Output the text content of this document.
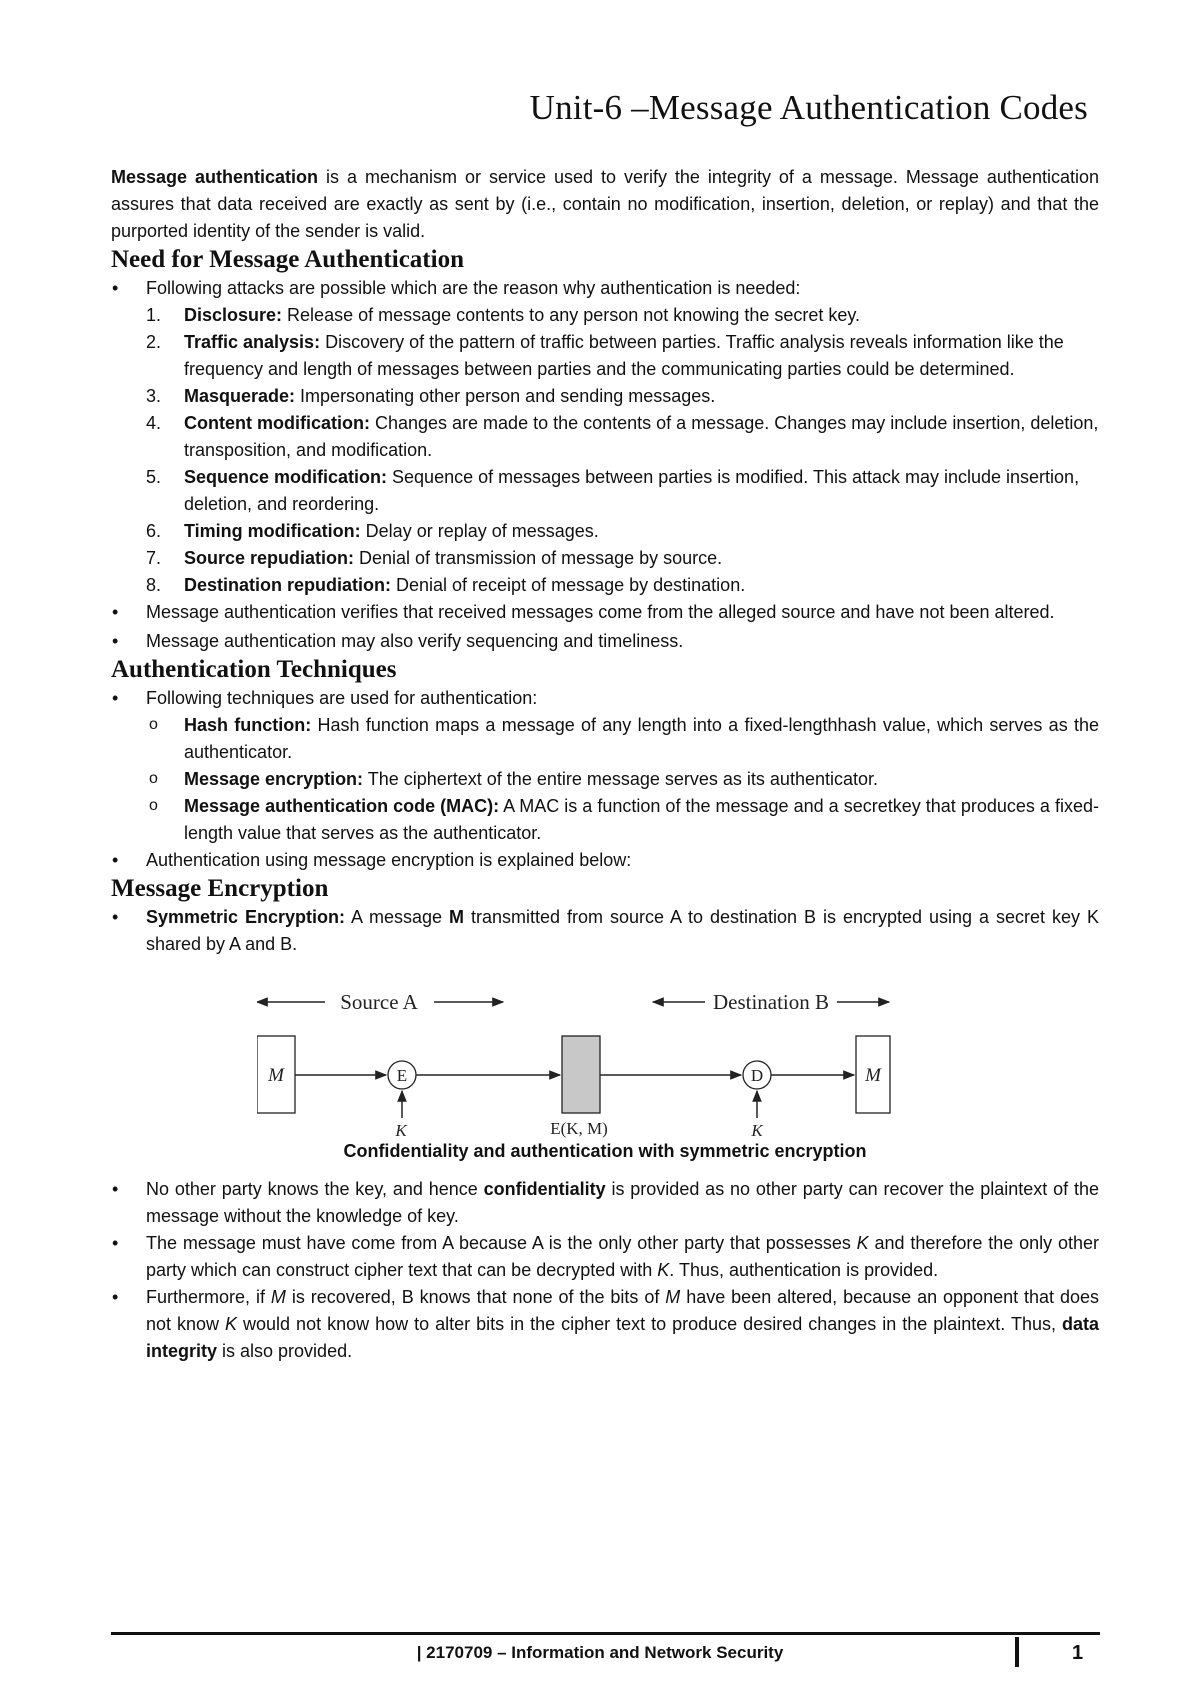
Unit-6 –Message Authentication Codes

Message authentication is a mechanism or service used to verify the integrity of a message. Message authentication assures that data received are exactly as sent by (i.e., contain no modification, insertion, deletion, or replay) and that the purported identity of the sender is valid.

Need for Message Authentication
• Following attacks are possible which are the reason why authentication is needed:
1. Disclosure: Release of message contents to any person not knowing the secret key.
2. Traffic analysis: Discovery of the pattern of traffic between parties. Traffic analysis reveals information like the frequency and length of messages between parties and the communicating parties could be determined.
3. Masquerade: Impersonating other person and sending messages.
4. Content modification: Changes are made to the contents of a message. Changes may include insertion, deletion, transposition, and modification.
5. Sequence modification: Sequence of messages between parties is modified. This attack may include insertion, deletion, and reordering.
6. Timing modification: Delay or replay of messages.
7. Source repudiation: Denial of transmission of message by source.
8. Destination repudiation: Denial of receipt of message by destination.
• Message authentication verifies that received messages come from the alleged source and have not been altered.
• Message authentication may also verify sequencing and timeliness.
Authentication Techniques
• Following techniques are used for authentication:
o Hash function: Hash function maps a message of any length into a fixed-lengthhash value, which serves as the authenticator.
o Message encryption: The ciphertext of the entire message serves as its authenticator.
o Message authentication code (MAC): A MAC is a function of the message and a secretkey that produces a fixed-length value that serves as the authenticator.
• Authentication using message encryption is explained below:
Message Encryption
• Symmetric Encryption: A message M transmitted from source A to destination B is encrypted using a secret key K shared by A and B.
Source A	Destination B
M	E
K	E(K, M)
D
K
M
Confidentiality and authentication with symmetric encryption
• No other party knows the key, and hence confidentiality is provided as no other party can recover the plaintext of the message without the knowledge of key.
• The message must have come from A because A is the only other party that possesses K and therefore the only other party which can construct cipher text that can be decrypted with K. Thus, authentication is provided.
• Furthermore, if M is recovered, B knows that none of the bits of M have been altered, because an opponent that does not know K would not know how to alter bits in the cipher text to produce desired changes in the plaintext. Thus, data integrity is also provided.
| 2170709 – Information and Network Security	1
